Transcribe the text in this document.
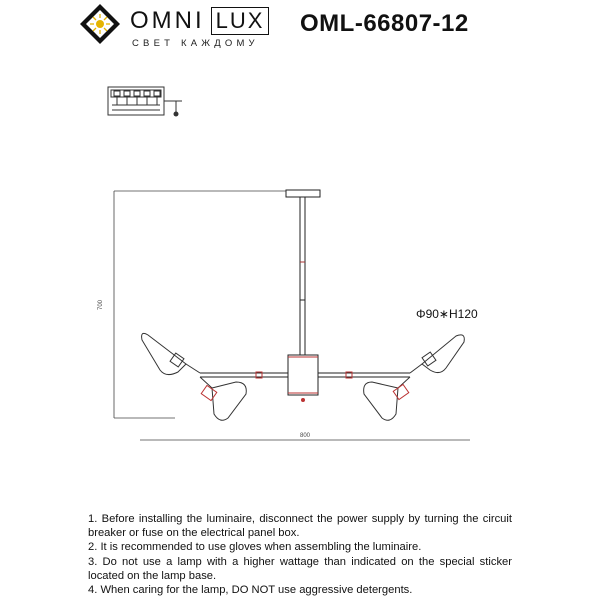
OMNI LUX
СВЕТ КАЖДОМУ
OML-66807-12
700
800
Φ90∗H120

1. Before installing the luminaire, disconnect the power supply by turning the circuit breaker or fuse on the electrical panel box.

2. It is recommended to use gloves when assembling the luminaire.

3. Do not use a lamp with a higher wattage than indicated on the special sticker located on the lamp base.

4. When caring for the lamp, DO NOT use aggressive detergents.
